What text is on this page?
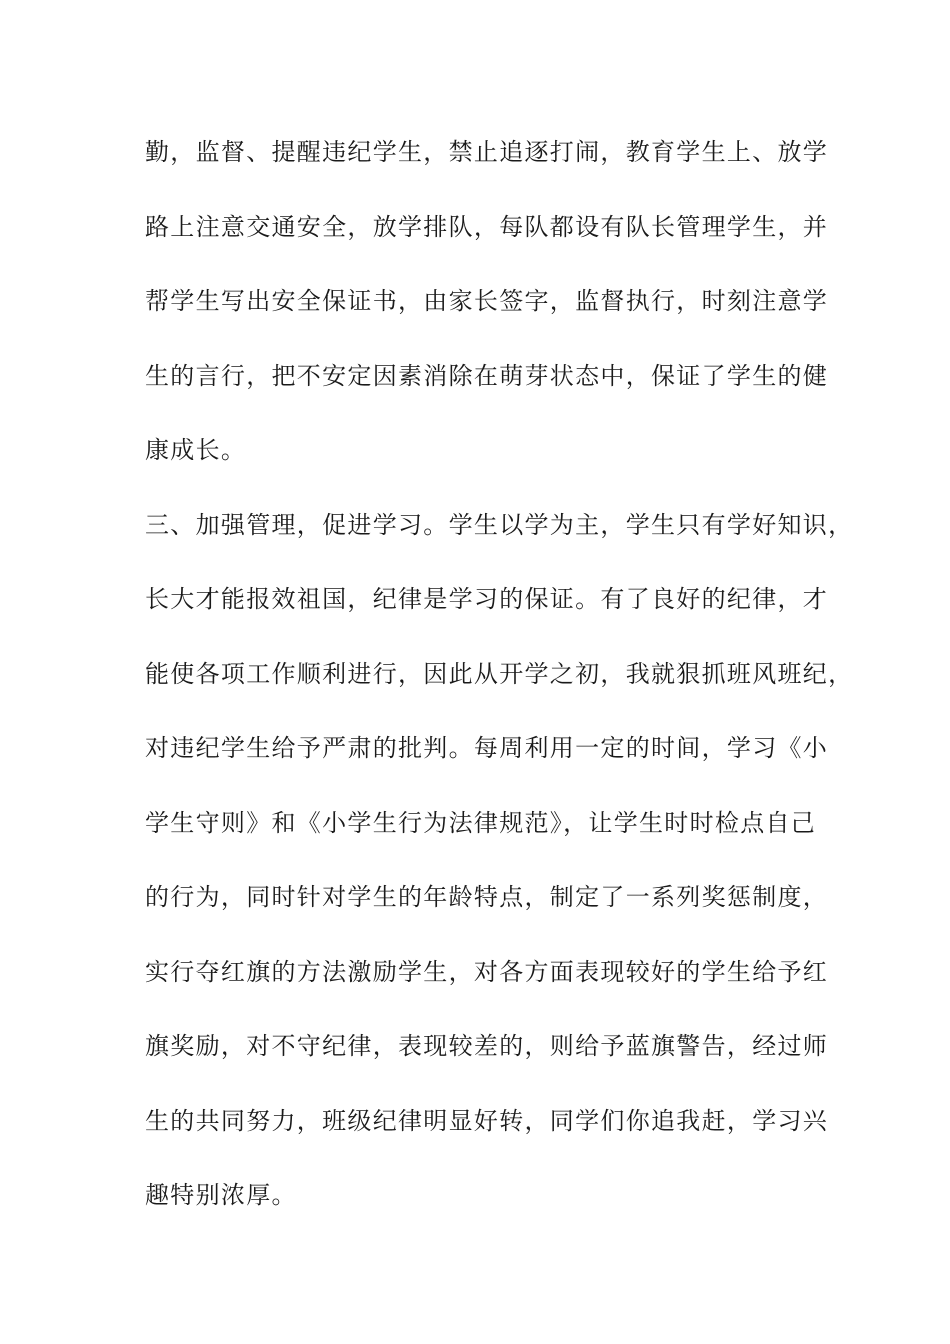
勤，监督、提醒违纪学生，禁止追逐打闹，教育学生上、放学
路上注意交通安全，放学排队，每队都设有队长管理学生，并
帮学生写出安全保证书，由家长签字，监督执行，时刻注意学
生的言行，把不安定因素消除在萌芽状态中，保证了学生的健
康成长。
三、加强管理，促进学习。学生以学为主，学生只有学好知识，
长大才能报效祖国，纪律是学习的保证。有了良好的纪律，才
能使各项工作顺利进行，因此从开学之初，我就狠抓班风班纪，
对违纪学生给予严肃的批判。每周利用一定的时间，学习《小
学生守则》和《小学生行为法律规范》，让学生时时检点自己
的行为，同时针对学生的年龄特点，制定了一系列奖惩制度，
实行夺红旗的方法激励学生，对各方面表现较好的学生给予红
旗奖励，对不守纪律，表现较差的，则给予蓝旗警告，经过师
生的共同努力，班级纪律明显好转，同学们你追我赶，学习兴
趣特别浓厚。
